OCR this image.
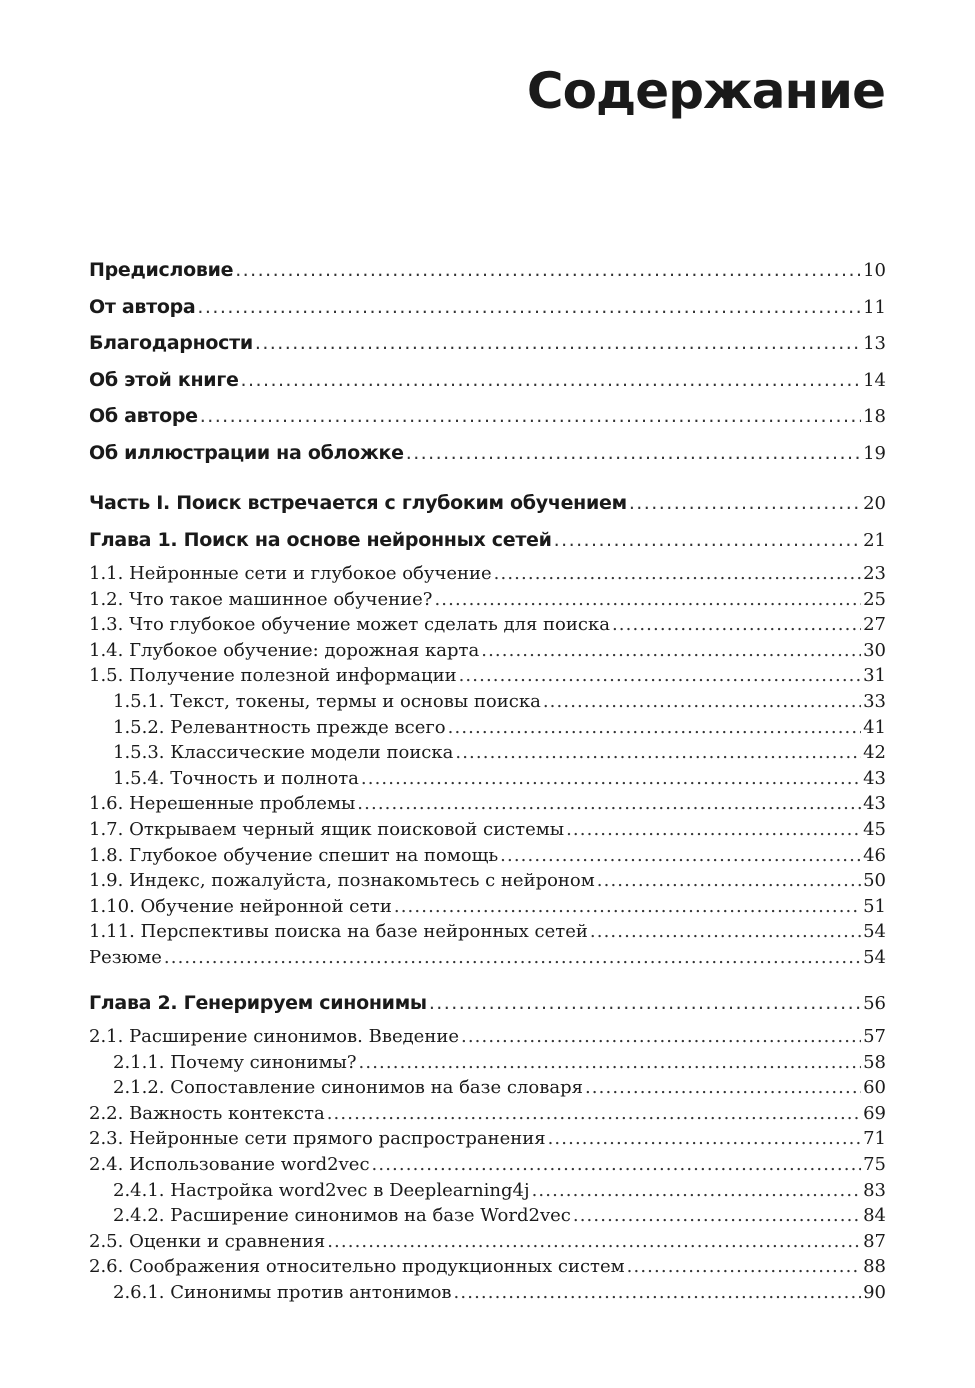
Содержание
Предисловие . . .	10
От автора . . .	11
Благодарности . . .	13
Об этой книге . . .	14
Об авторе . . .	18
Об иллюстрации на обложке . . .	19
Часть I. Поиск встречается с глубоким обучением . . .	20
Глава 1. Поиск на основе нейронных сетей . . .	21
1.1. Нейронные сети и глубокое обучение . . .	23
1.2. Что такое машинное обучение? . . .	25
1.3. Что глубокое обучение может сделать для поиска . . .	27
1.4. Глубокое обучение: дорожная карта . . .	30
1.5. Получение полезной информации . . .	31
1.5.1. Текст, токены, термы и основы поиска . . .	33
1.5.2. Релевантность прежде всего . . .	41
1.5.3. Классические модели поиска . . .	42
1.5.4. Точность и полнота . . .	43
1.6. Нерешенные проблемы . . .	43
1.7. Открываем черный ящик поисковой системы . . .	45
1.8. Глубокое обучение спешит на помощь . . .	46
1.9. Индекс, пожалуйста, познакомьтесь с нейроном . . .	50
1.10. Обучение нейронной сети . . .	51
1.11. Перспективы поиска на базе нейронных сетей . . .	54
Резюме . . .	54
Глава 2. Генерируем синонимы . . .	56
2.1. Расширение синонимов. Введение . . .	57
2.1.1. Почему синонимы? . . .	58
2.1.2. Сопоставление синонимов на базе словаря . . .	60
2.2. Важность контекста . . .	69
2.3. Нейронные сети прямого распространения . . .	71
2.4. Использование word2vec . . .	75
2.4.1. Настройка word2vec в Deeplearning4j . . .	83
2.4.2. Расширение синонимов на базе Word2vec . . .	84
2.5. Оценки и сравнения . . .	87
2.6. Соображения относительно продукционных систем . . .	88
2.6.1. Синонимы против антонимов . . .	90
